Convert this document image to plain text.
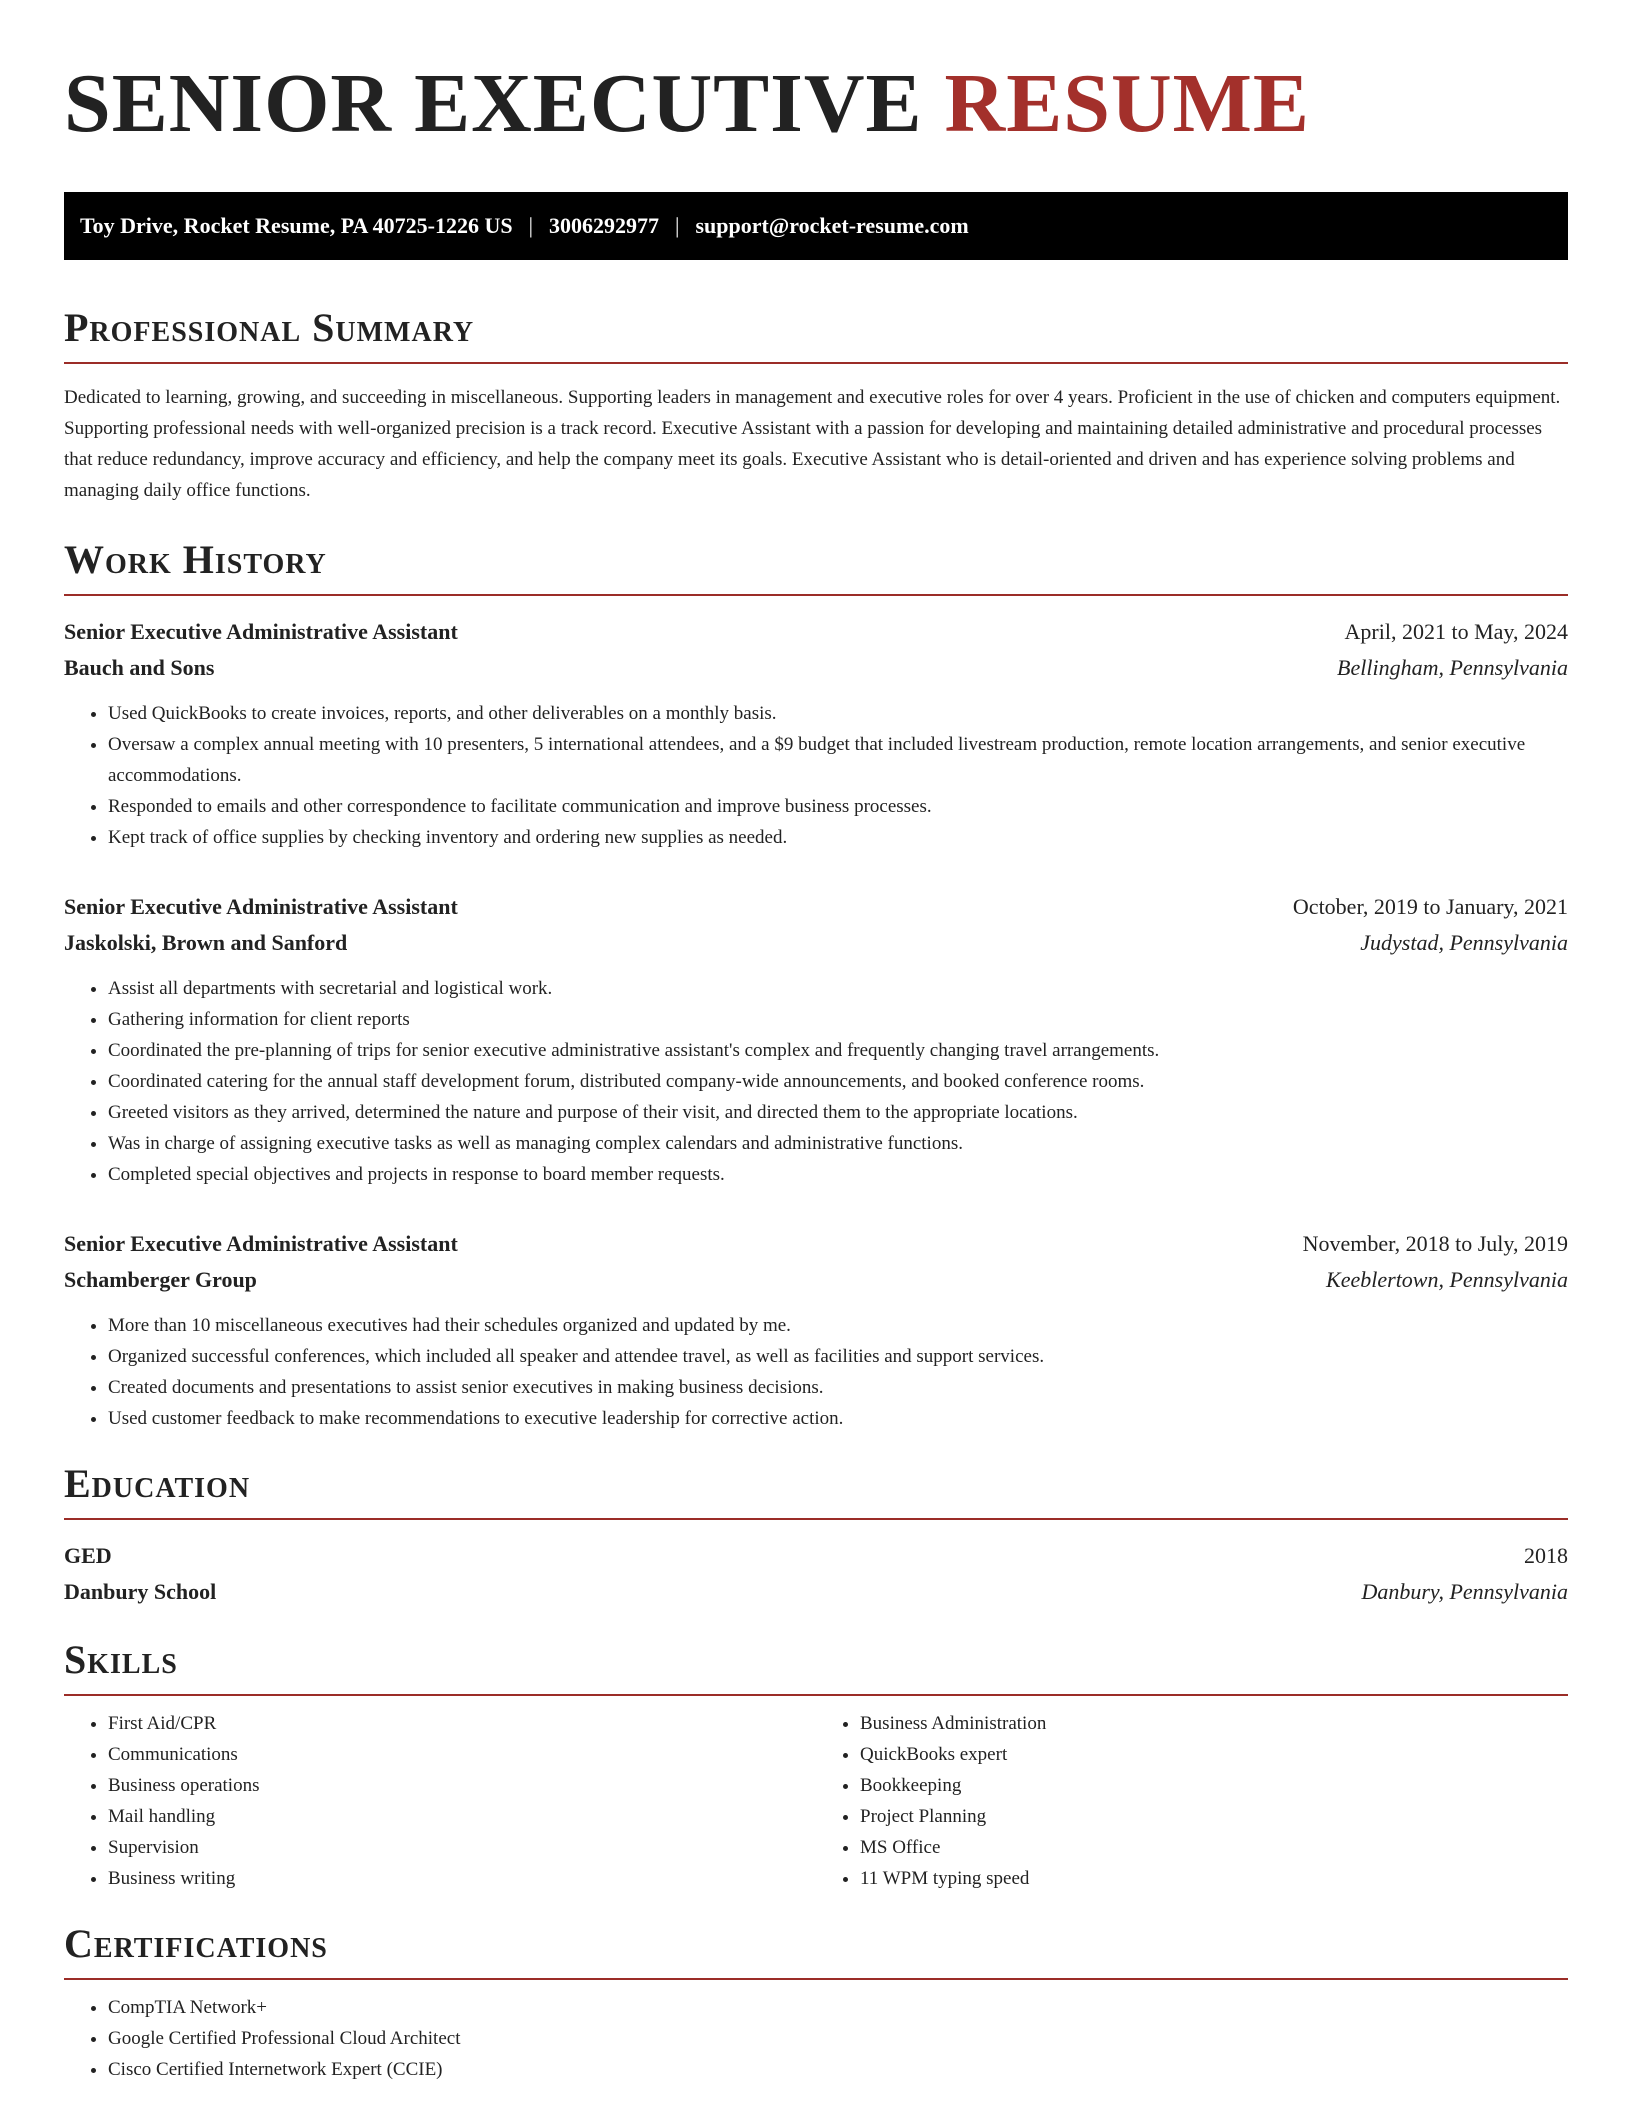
SENIOR EXECUTIVE RESUME
Toy Drive, Rocket Resume, PA 40725-1226 US | 3006292977 | support@rocket-resume.com
Professional Summary

Dedicated to learning, growing, and succeeding in miscellaneous. Supporting leaders in management and executive roles for over 4 years. Proficient in the use of chicken and computers equipment. Supporting professional needs with well-organized precision is a track record. Executive Assistant with a passion for developing and maintaining detailed administrative and procedural processes that reduce redundancy, improve accuracy and efficiency, and help the company meet its goals. Executive Assistant who is detail-oriented and driven and has experience solving problems and managing daily office functions.

Work History
Senior Executive Administrative Assistant	April, 2021 to May, 2024
Bauch and Sons	Bellingham, Pennsylvania
• Used QuickBooks to create invoices, reports, and other deliverables on a monthly basis.
• Oversaw a complex annual meeting with 10 presenters, 5 international attendees, and a $9 budget that included livestream production, remote location arrangements, and senior executive accommodations.
• Responded to emails and other correspondence to facilitate communication and improve business processes.
• Kept track of office supplies by checking inventory and ordering new supplies as needed.
Senior Executive Administrative Assistant	October, 2019 to January, 2021
Jaskolski, Brown and Sanford	Judystad, Pennsylvania
• Assist all departments with secretarial and logistical work.
• Gathering information for client reports
• Coordinated the pre-planning of trips for senior executive administrative assistant's complex and frequently changing travel arrangements.
• Coordinated catering for the annual staff development forum, distributed company-wide announcements, and booked conference rooms.
• Greeted visitors as they arrived, determined the nature and purpose of their visit, and directed them to the appropriate locations.
• Was in charge of assigning executive tasks as well as managing complex calendars and administrative functions.
• Completed special objectives and projects in response to board member requests.
Senior Executive Administrative Assistant	November, 2018 to July, 2019
Schamberger Group	Keeblertown, Pennsylvania
• More than 10 miscellaneous executives had their schedules organized and updated by me.
• Organized successful conferences, which included all speaker and attendee travel, as well as facilities and support services.
• Created documents and presentations to assist senior executives in making business decisions.
• Used customer feedback to make recommendations to executive leadership for corrective action.
Education
GED	2018
Danbury School	Danbury, Pennsylvania
Skills
• First Aid/CPR
• Communications
• Business operations
• Mail handling
• Supervision
• Business writing
• Business Administration
• QuickBooks expert
• Bookkeeping
• Project Planning
• MS Office
• 11 WPM typing speed
Certifications
• CompTIA Network+
• Google Certified Professional Cloud Architect
• Cisco Certified Internetwork Expert (CCIE)
